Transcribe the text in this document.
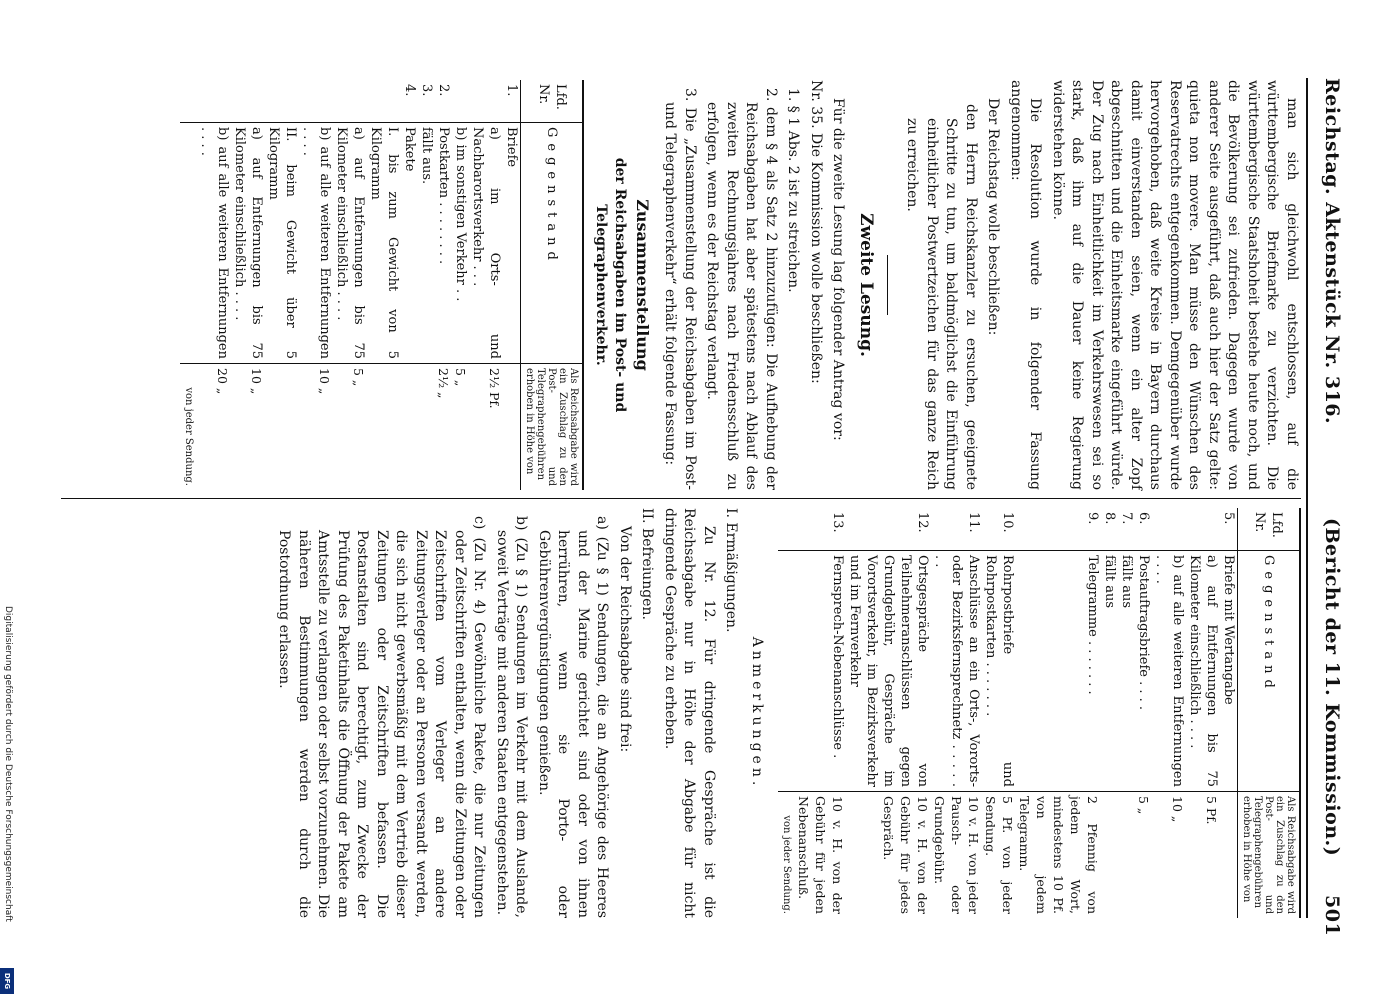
Reichstag. Aktenstück Nr. 316.
(Bericht der 11. Kommission.)
501

man sich gleichwohl entschlossen, auf die württembergische Briefmarke zu verzichten. Die württembergische Staatshoheit bestehe heute noch, und die Bevölkerung sei zufrieden. Dagegen wurde von anderer Seite ausgeführt, daß auch hier der Satz gelte: quieta non movere. Man müsse den Wünschen des Reservatrechts entgegenkommen. Demgegenüber wurde hervorgehoben, daß weite Kreise in Bayern durchaus damit einverstanden seien, wenn ein alter Zopf abgeschnitten und die Einheitsmarke eingeführt würde. Der Zug nach Einheitlichkeit im Verkehrswesen sei so stark, daß ihm auf die Dauer keine Regierung widerstehen könne.

Die Resolution wurde in folgender Fassung angenommen:

Der Reichstag wolle beschließen:

den Herrn Reichskanzler zu ersuchen, geeignete Schritte zu tun, um baldmöglichst die Einführung einheitlicher Postwertzeichen für das ganze Reich zu erreichen.

Zweite Lesung.

Für die zweite Lesung lag folgender Antrag vor:

Nr. 35. Die Kommission wolle beschließen:

1. § 1 Abs. 2 ist zu streichen.

2. dem § 4 als Satz 2 hinzuzufügen: Die Aufhebung der Reichsabgaben hat aber spätestens nach Ablauf des zweiten Rechnungsjahres nach Friedensschluß zu erfolgen, wenn es der Reichstag verlangt.

3. Die „Zusammenstellung der Reichsabgaben im Post- und Telegraphenverkehr“ erhält folgende Fassung:

Zusammenstellung

der Reichsabgaben im Post- und Telegraphenverkehr.

Lfd. Nr.	Gegenstand	Als Reichsabgabe wird ein Zuschlag zu den Post- und Telegraphengebühren erhoben in Höhe von
1.	Briefe	
	a) im Orts- und Nachbarortsverkehr . . .	2½ Pf.
	b) im sonstigen Verkehr . .	5 „
2.	Postkarten . . . . . . . .	2½ „
3.	fällt aus.	
4.	Pakete	
	I. bis zum Gewicht von 5 Kilogramm	
	a) auf Entfernungen bis 75 Kilometer einschließlich . . . .	5 „
	b) auf alle weiteren Entfernungen . . . .	10 „
	II. beim Gewicht über 5 Kilogramm	
	a) auf Entfernungen bis 75 Kilometer einschließlich . . . .	10 „
	b) auf alle weiteren Entfernungen . . . .	20 „
		von jeder Sendung.
Lfd. Nr.	Gegenstand	Als Reichsabgabe wird ein Zuschlag zu den Post- und Telegraphengebühren erhoben in Höhe von
5.	Briefe mit Wertangabe	
	a) auf Entfernungen bis 75 Kilometer einschließlich . . . .	5 Pf.
	b) auf alle weiteren Entfernungen . . . .	10 „
6.	Postauftragsbriefe . . . .	5 „
7.	fällt aus	
8.	fällt aus	
9.	Telegramme . . . . . . .	2 Pfennig von jedem Wort, mindestens 10 Pf. von jedem Telegramm.
10.	Rohrpostbriefe und Rohrpostkarten . . . . . . .	5 Pf. von jeder Sendung.
11.	Anschlüsse an ein Orts-, Vororts- oder Bezirksfernsprechnetz . . . . . . .	10 v. H. von jeder Pausch- oder Grundgebühr.
12.	Ortsgespräche von Teilnehmeranschlüssen gegen Grundgebühr, Gespräche im Vorortsverkehr, im Bezirksverkehr und im Fernverkehr	10 v. H. von der Gebühr für jedes Gespräch.
13.	Fernsprech-Nebenanschlüsse .	10 v. H. von der Gebühr für jeden Nebenanschluß.
		von jeder Sendung.

Anmerkungen.

I. Ermäßigungen.

Zu Nr. 12. Für dringende Gespräche ist die Reichsabgabe nur in Höhe der Abgabe für nicht dringende Gespräche zu erheben.

II. Befreiungen.

Von der Reichsabgabe sind frei:

a) (Zu § 1) Sendungen, die an Angehörige des Heeres und der Marine gerichtet sind oder von ihnen herrühren, wenn sie Porto- oder Gebührenvergünstigungen genießen.

b) (Zu § 1) Sendungen im Verkehr mit dem Auslande, soweit Verträge mit anderen Staaten entgegenstehen.

c) (Zu Nr. 4) Gewöhnliche Pakete, die nur Zeitungen oder Zeitschriften enthalten, wenn die Zeitungen oder Zeitschriften vom Verleger an andere Zeitungsverleger oder an Personen versandt werden, die sich nicht gewerbsmäßig mit dem Vertrieb dieser Zeitungen oder Zeitschriften befassen. Die Postanstalten sind berechtigt, zum Zwecke der Prüfung des Paketinhalts die Öffnung der Pakete am Amtsstelle zu verlangen oder selbst vorzunehmen. Die näheren Bestimmungen werden durch die Postordnung erlassen.

Digitalisierung gefördert durch die Deutsche Forschungsgemeinschaft
DFG
